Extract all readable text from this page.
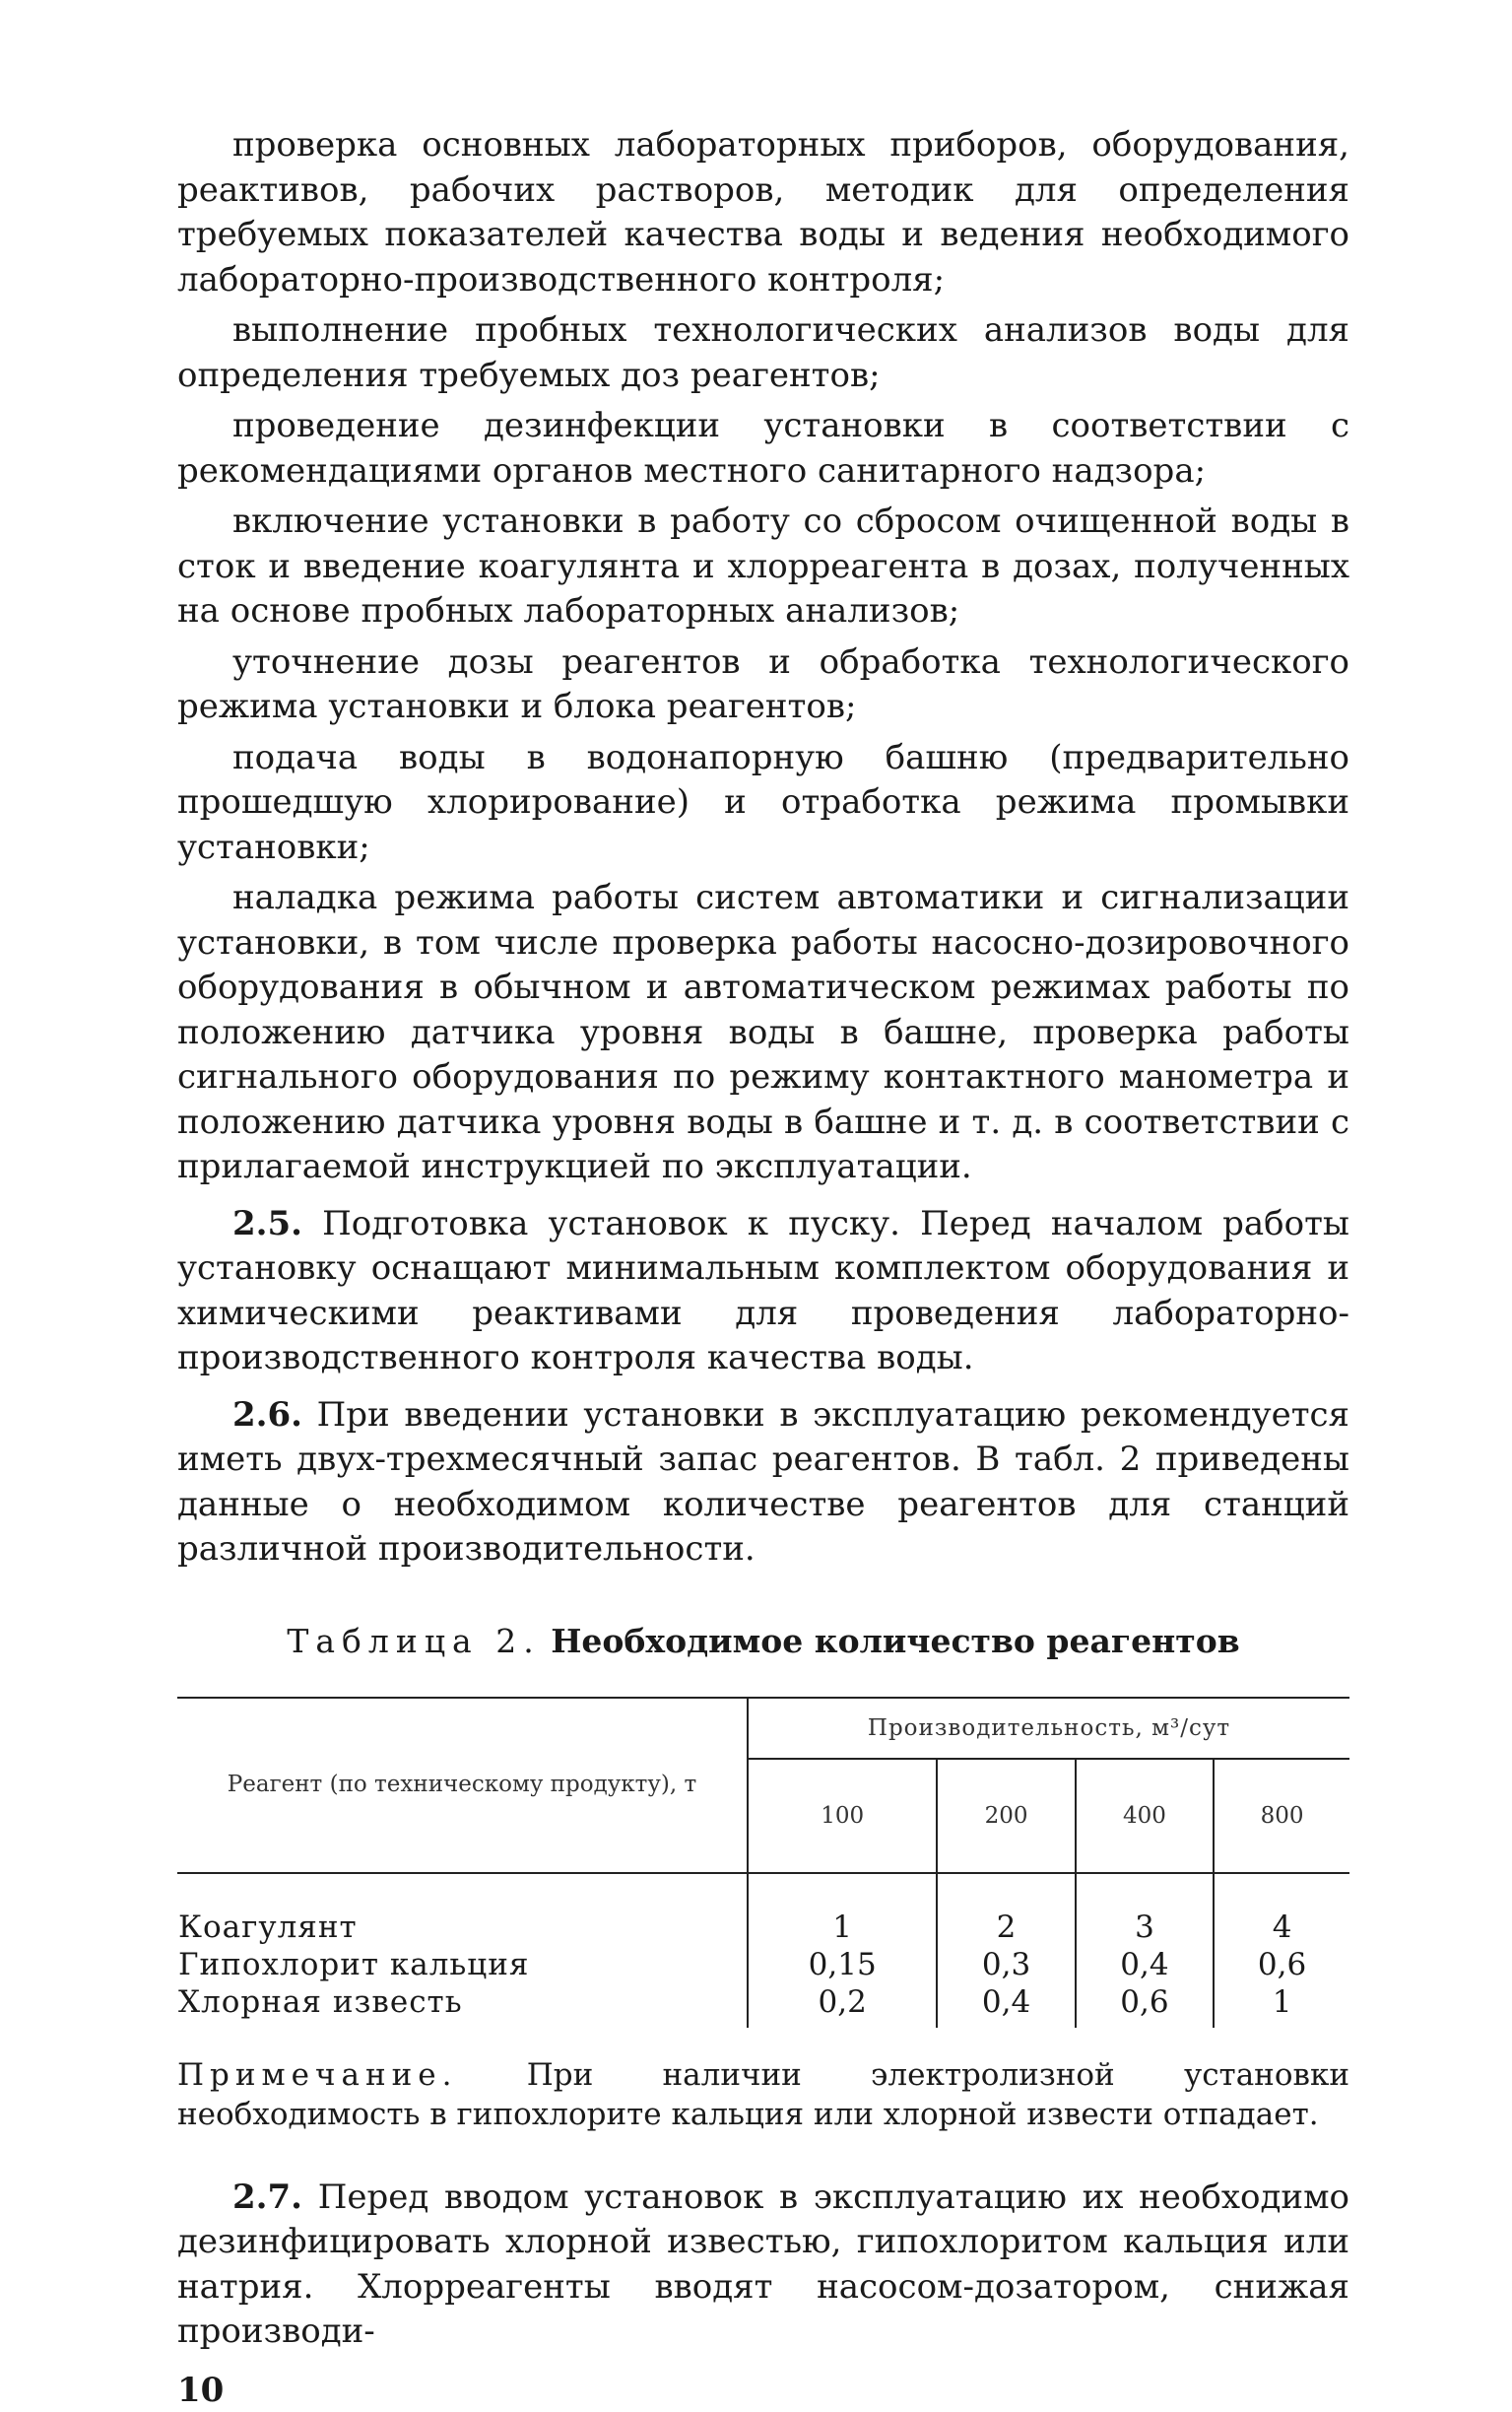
проверка основных лабораторных приборов, оборудования, реактивов, рабочих растворов, методик для определения требуемых показателей качества воды и ведения необходимого лабораторно-производственного контроля;

выполнение пробных технологических анализов воды для определения требуемых доз реагентов;

проведение дезинфекции установки в соответствии с рекомендациями органов местного санитарного надзора;

включение установки в работу со сбросом очищенной воды в сток и введение коагулянта и хлорреагента в дозах, полученных на основе пробных лабораторных анализов;

уточнение дозы реагентов и обработка технологического режима установки и блока реагентов;

подача воды в водонапорную башню (предварительно прошедшую хлорирование) и отработка режима промывки установки;

наладка режима работы систем автоматики и сигнализации установки, в том числе проверка работы насосно-дозировочного оборудования в обычном и автоматическом режимах работы по положению датчика уровня воды в башне, проверка работы сигнального оборудования по режиму контактного манометра и положению датчика уровня воды в башне и т. д. в соответствии с прилагаемой инструкцией по эксплуатации.

2.5. Подготовка установок к пуску. Перед началом работы установку оснащают минимальным комплектом оборудования и химическими реактивами для проведения лабораторно-производственного контроля качества воды.

2.6. При введении установки в эксплуатацию рекомендуется иметь двух-трехмесячный запас реагентов. В табл. 2 приведены данные о необходимом количестве реагентов для станций различной производительности.

Таблица 2. Необходимое количество реагентов
Реагент (по техническому продукту), т	Производительность, м³/сут			
	100	200	400	800
Коагулянт	1	2	3	4
Гипохлорит кальция	0,15	0,3	0,4	0,6
Хлорная известь	0,2	0,4	0,6	1

Примечание. При наличии электролизной установки необходимость в гипохлорите кальция или хлорной извести отпадает.

2.7. Перед вводом установок в эксплуатацию их необходимо дезинфицировать хлорной известью, гипохлоритом кальция или натрия. Хлорреагенты вводят насосом-дозатором, снижая производи-

10
